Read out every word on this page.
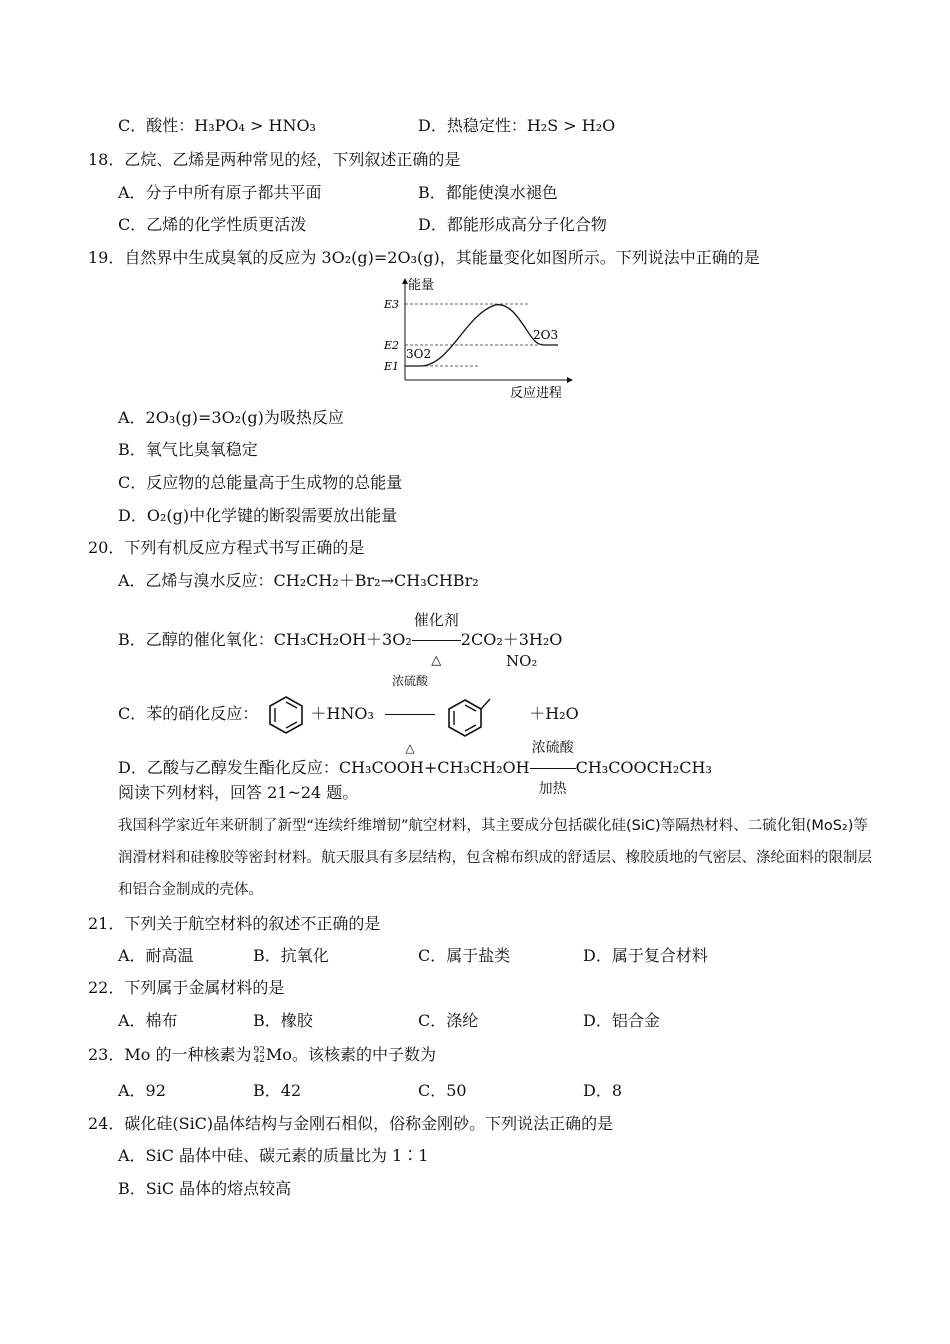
C．酸性：H₃PO₄ > HNO₃	D．热稳定性：H₂S > H₂O
18．乙烷、乙烯是两种常见的烃，下列叙述正确的是
A．分子中所有原子都共平面	B．都能使溴水褪色
C．乙烯的化学性质更活泼	D．都能形成高分子化合物
19．自然界中生成臭氧的反应为 3O₂(g)=2O₃(g)，其能量变化如图所示。下列说法中正确的是
能量
E3
E2
E1
3O2
2O3
反应进程
A．2O₃(g)=3O₂(g)为吸热反应
B．氧气比臭氧稳定
C．反应物的总能量高于生成物的总能量
D．O₂(g)中化学键的断裂需要放出能量
20．下列有机反应方程式书写正确的是
A．乙烯与溴水反应：CH₂CH₂＋Br₂→CH₃CHBr₂
B．乙醇的催化氧化：CH₃CH₂OH＋3O₂
催化剂
△
2CO₂＋3H₂O
C．苯的硝化反应：	＋HNO₃
浓硫酸
△

NO₂
＋H₂O
D．乙酸与乙醇发生酯化反应：CH₃COOH+CH₃CH₂OH
浓硫酸
加热
CH₃COOCH₂CH₃
阅读下列材料，回答 21~24 题。
我国科学家近年来研制了新型“连续纤维增韧”航空材料，其主要成分包括碳化硅(SiC)等隔热材料、二硫化钼(MoS₂)等润滑材料和硅橡胶等密封材料。航天服具有多层结构，包含棉布织成的舒适层、橡胶质地的气密层、涤纶面料的限制层和铝合金制成的壳体。
21．下列关于航空材料的叙述不正确的是
A．耐高温	B．抗氧化	C．属于盐类	D．属于复合材料
22．下列属于金属材料的是
A．棉布	B．橡胶	C．涤纶	D．铝合金
23．Mo 的一种核素为 92
42 Mo。该核素的中子数为
A．92	B．42	C．50	D．8
24．碳化硅(SiC)晶体结构与金刚石相似，俗称金刚砂。下列说法正确的是
A．SiC 晶体中硅、碳元素的质量比为 1∶1
B．SiC 晶体的熔点较高
